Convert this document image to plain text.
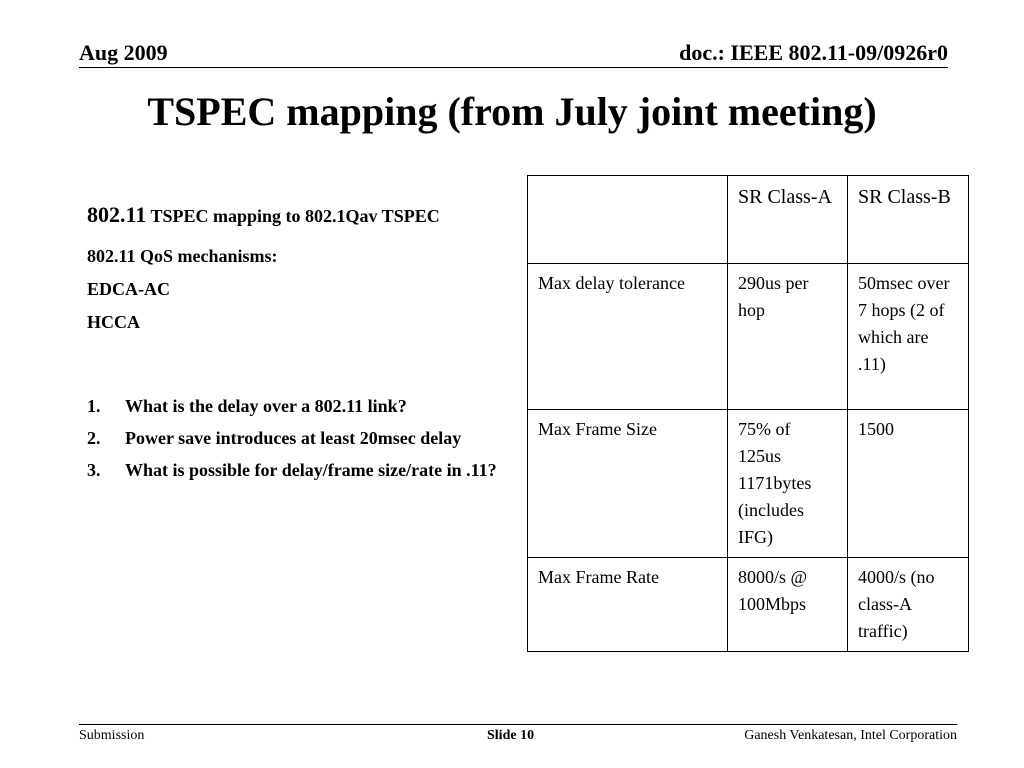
Aug 2009	doc.: IEEE 802.11-09/0926r0
TSPEC mapping (from July joint meeting)

802.11 TSPEC mapping to 802.1Qav TSPEC

802.11 QoS mechanisms:

EDCA-AC

HCCA

1. What is the delay over a 802.11 link?
2. Power save introduces at least 20msec delay
3. What is possible for delay/frame size/rate in .11?
	SR Class-A	SR Class-B
Max delay tolerance	290us per hop	50msec over 7 hops (2 of which are .11)
Max Frame Size	75% of 125us 1171bytes (includes IFG)	1500
Max Frame Rate	8000/s @ 100Mbps	4000/s (no class-A traffic)
Submission	Slide 10	Ganesh Venkatesan, Intel Corporation
